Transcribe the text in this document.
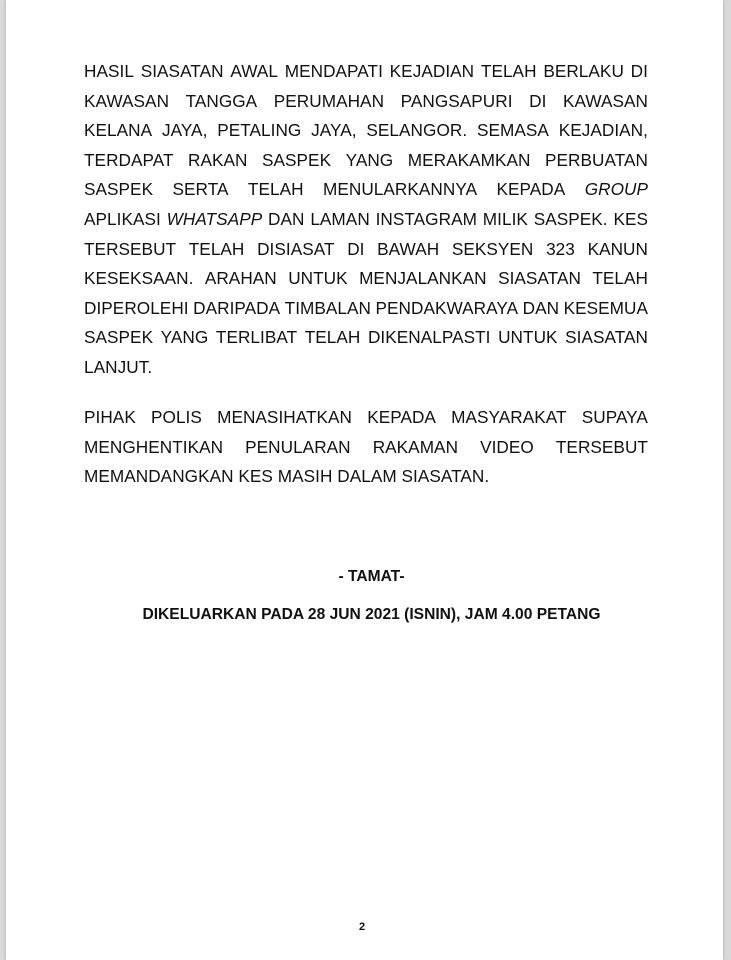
HASIL SIASATAN AWAL MENDAPATI KEJADIAN TELAH BERLAKU DI
KAWASAN TANGGA PERUMAHAN PANGSAPURI DI KAWASAN
KELANA JAYA, PETALING JAYA, SELANGOR. SEMASA KEJADIAN,
TERDAPAT RAKAN SASPEK YANG MERAKAMKAN PERBUATAN
SASPEK SERTA TELAH MENULARKANNYA KEPADA GROUP
APLIKASI WHATSAPP DAN LAMAN INSTAGRAM MILIK SASPEK. KES
TERSEBUT TELAH DISIASAT DI BAWAH SEKSYEN 323 KANUN
KESEKSAAN. ARAHAN UNTUK MENJALANKAN SIASATAN TELAH
DIPEROLEHI DARIPADA TIMBALAN PENDAKWARAYA DAN KESEMUA
SASPEK YANG TERLIBAT TELAH DIKENALPASTI UNTUK SIASATAN
LANJUT.
PIHAK POLIS MENASIHATKAN KEPADA MASYARAKAT SUPAYA
MENGHENTIKAN PENULARAN RAKAMAN VIDEO TERSEBUT
MEMANDANGKAN KES MASIH DALAM SIASATAN.
- TAMAT-
DIKELUARKAN PADA 28 JUN 2021 (ISNIN), JAM 4.00 PETANG
2
